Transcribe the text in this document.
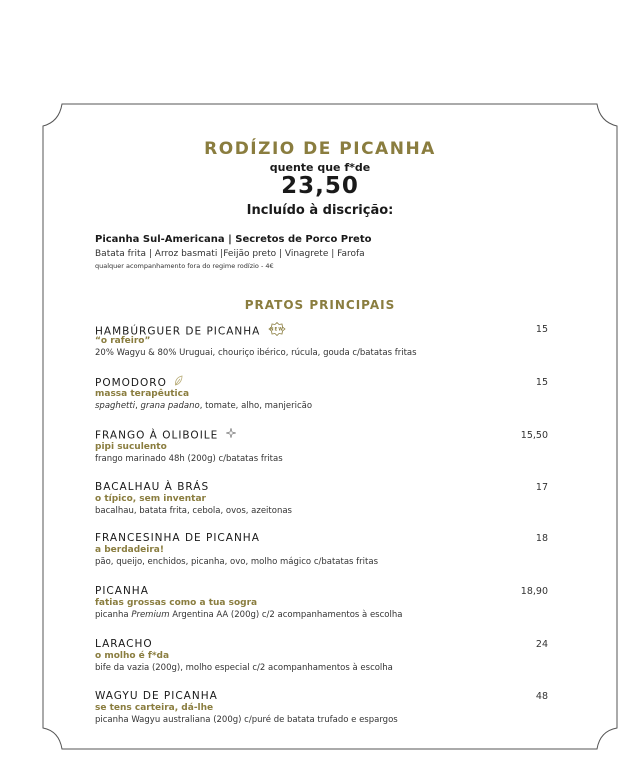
RODÍZIO DE PICANHA
quente que f*de
23,50
Incluído à discrição:
Picanha Sul-Americana | Secretos de Porco Preto
Batata frita | Arroz basmati |Feijão preto | Vinagrete | Farofa
qualquer acompanhamento fora do regime rodízio - 4€
PRATOS PRINCIPAIS
HAMBÚRGUER DE PICANHA NEW
“o rafeiro”
20% Wagyu & 80% Uruguai, chouriço ibérico, rúcula, gouda c/batatas fritas
15
POMODORO
massa terapêutica
spaghetti, grana padano, tomate, alho, manjericão
15
FRANGO À OLIBOILE
pipi suculento
frango marinado 48h (200g) c/batatas fritas
15,50
BACALHAU À BRÁS
o típico, sem inventar
bacalhau, batata frita, cebola, ovos, azeitonas
17
FRANCESINHA DE PICANHA
a berdadeira!
pão, queijo, enchidos, picanha, ovo, molho mágico c/batatas fritas
18
PICANHA
fatias grossas como a tua sogra
picanha Premium Argentina AA (200g) c/2 acompanhamentos à escolha
18,90
LARACHO
o molho é f*da
bife da vazia (200g), molho especial c/2 acompanhamentos à escolha
24
WAGYU DE PICANHA
se tens carteira, dá-lhe
picanha Wagyu australiana (200g) c/puré de batata trufado e espargos
48
